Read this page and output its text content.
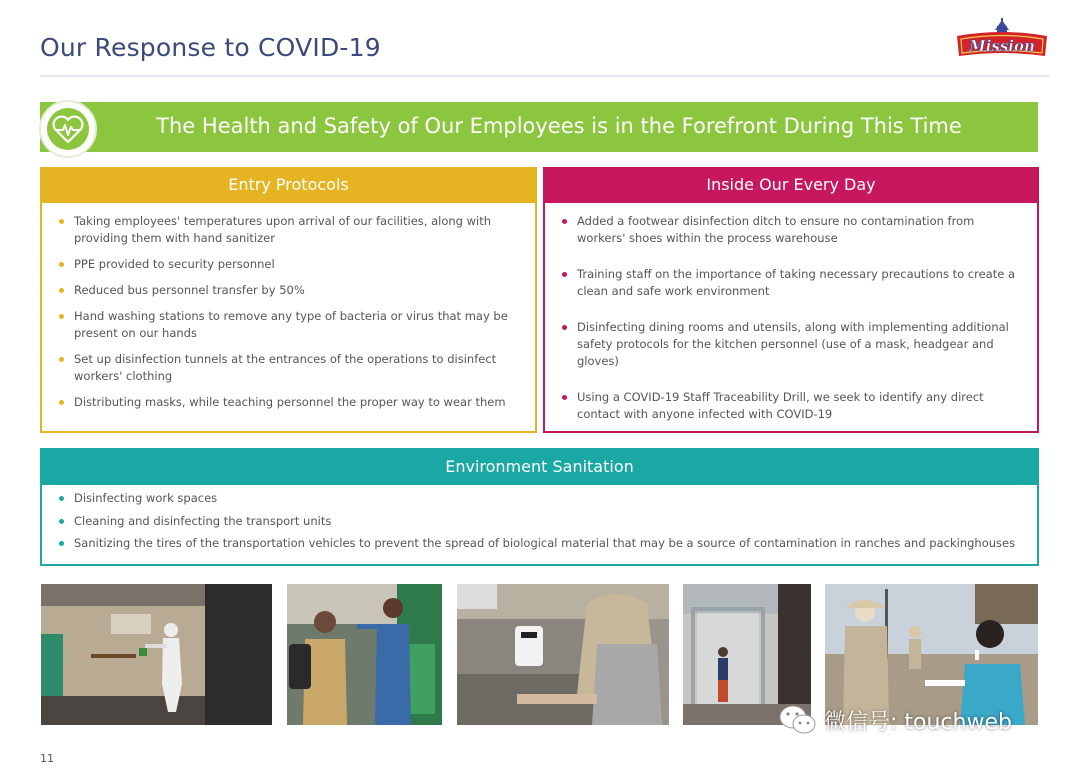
Our Response to COVID-19	Mission
The Health and Safety of Our Employees is in the Forefront During This Time
Entry Protocols
Taking employees' temperatures upon arrival of our facilities, along with providing them with hand sanitizer
PPE provided to security personnel
Reduced bus personnel transfer by 50%
Hand washing stations to remove any type of bacteria or virus that may be present on our hands
Set up disinfection tunnels at the entrances of the operations to disinfect workers' clothing
Distributing masks, while teaching personnel the proper way to wear them
Inside Our Every Day
Added a footwear disinfection ditch to ensure no contamination from workers' shoes within the process warehouse
Training staff on the importance of taking necessary precautions to create a clean and safe work environment
Disinfecting dining rooms and utensils, along with implementing additional safety protocols for the kitchen personnel (use of a mask, headgear and gloves)
Using a COVID-19 Staff Traceability Drill, we seek to identify any direct contact with anyone infected with COVID-19
Environment Sanitation
Disinfecting work spaces
Cleaning and disinfecting the transport units
Sanitizing the tires of the transportation vehicles to prevent the spread of biological material that may be a source of contamination in ranches and packinghouses
11
微信号: touchweb
